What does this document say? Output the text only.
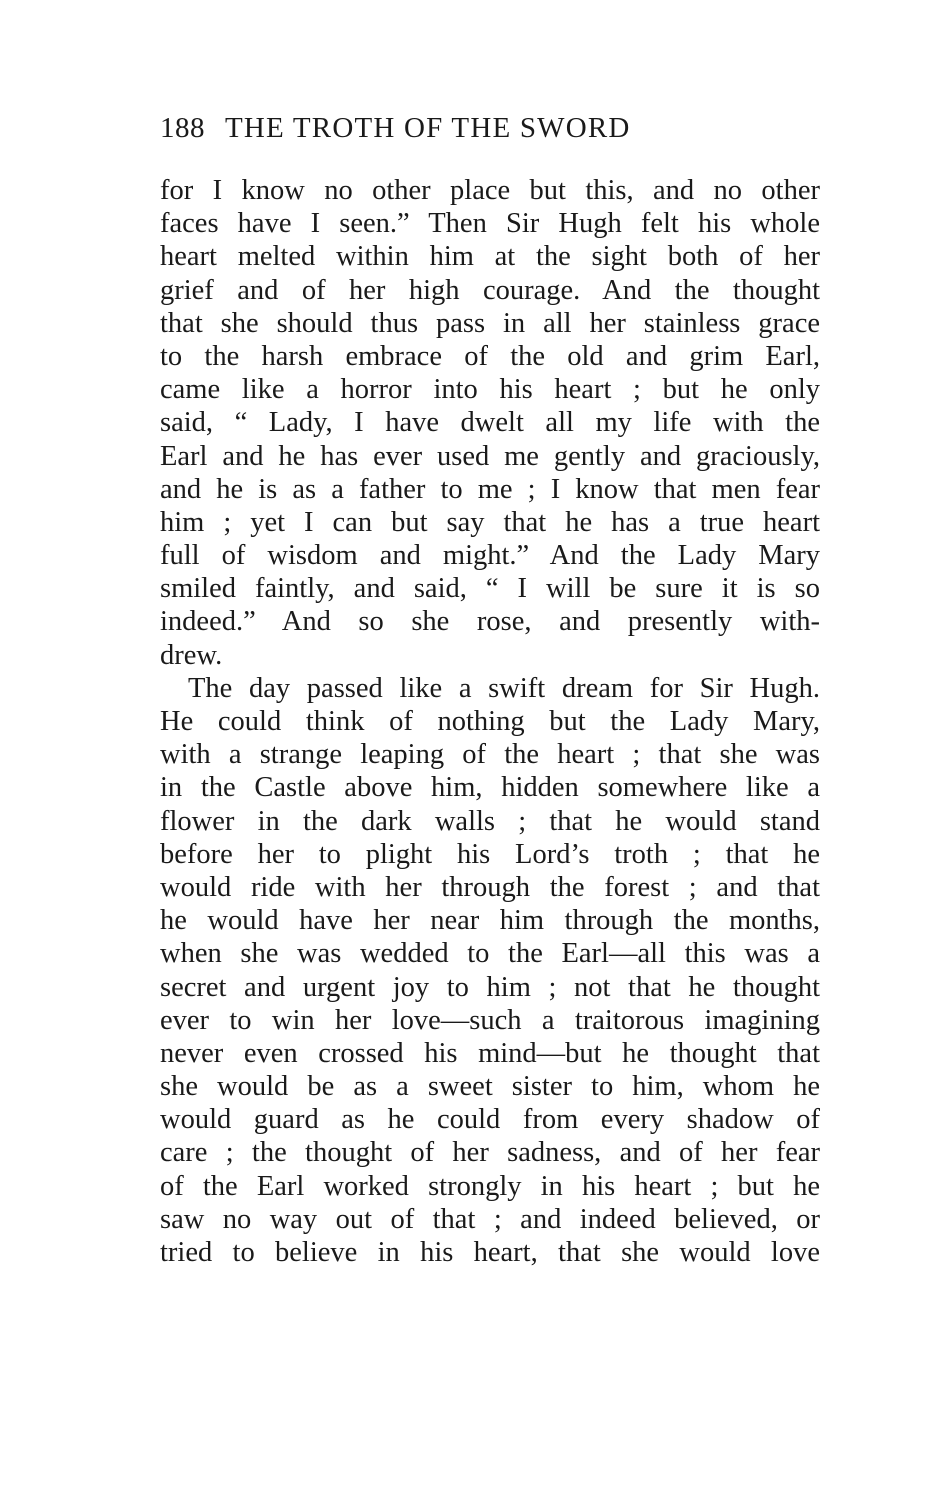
188 THE TROTH OF THE SWORD
for I know no other place but this, and no other
faces have I seen.” Then Sir Hugh felt his whole
heart melted within him at the sight both of her
grief and of her high courage. And the thought
that she should thus pass in all her stainless grace
to the harsh embrace of the old and grim Earl,
came like a horror into his heart ; but he only
said, “ Lady, I have dwelt all my life with the
Earl and he has ever used me gently and graciously,
and he is as a father to me ; I know that men fear
him ; yet I can but say that he has a true heart
full of wisdom and might.” And the Lady Mary
smiled faintly, and said, “ I will be sure it is so
indeed.” And so she rose, and presently with-
drew.
The day passed like a swift dream for Sir Hugh.
He could think of nothing but the Lady Mary,
with a strange leaping of the heart ; that she was
in the Castle above him, hidden somewhere like a
flower in the dark walls ; that he would stand
before her to plight his Lord’s troth ; that he
would ride with her through the forest ; and that
he would have her near him through the months,
when she was wedded to the Earl—all this was a
secret and urgent joy to him ; not that he thought
ever to win her love—such a traitorous imagining
never even crossed his mind—but he thought that
she would be as a sweet sister to him, whom he
would guard as he could from every shadow of
care ; the thought of her sadness, and of her fear
of the Earl worked strongly in his heart ; but he
saw no way out of that ; and indeed believed, or
tried to believe in his heart, that she would love
